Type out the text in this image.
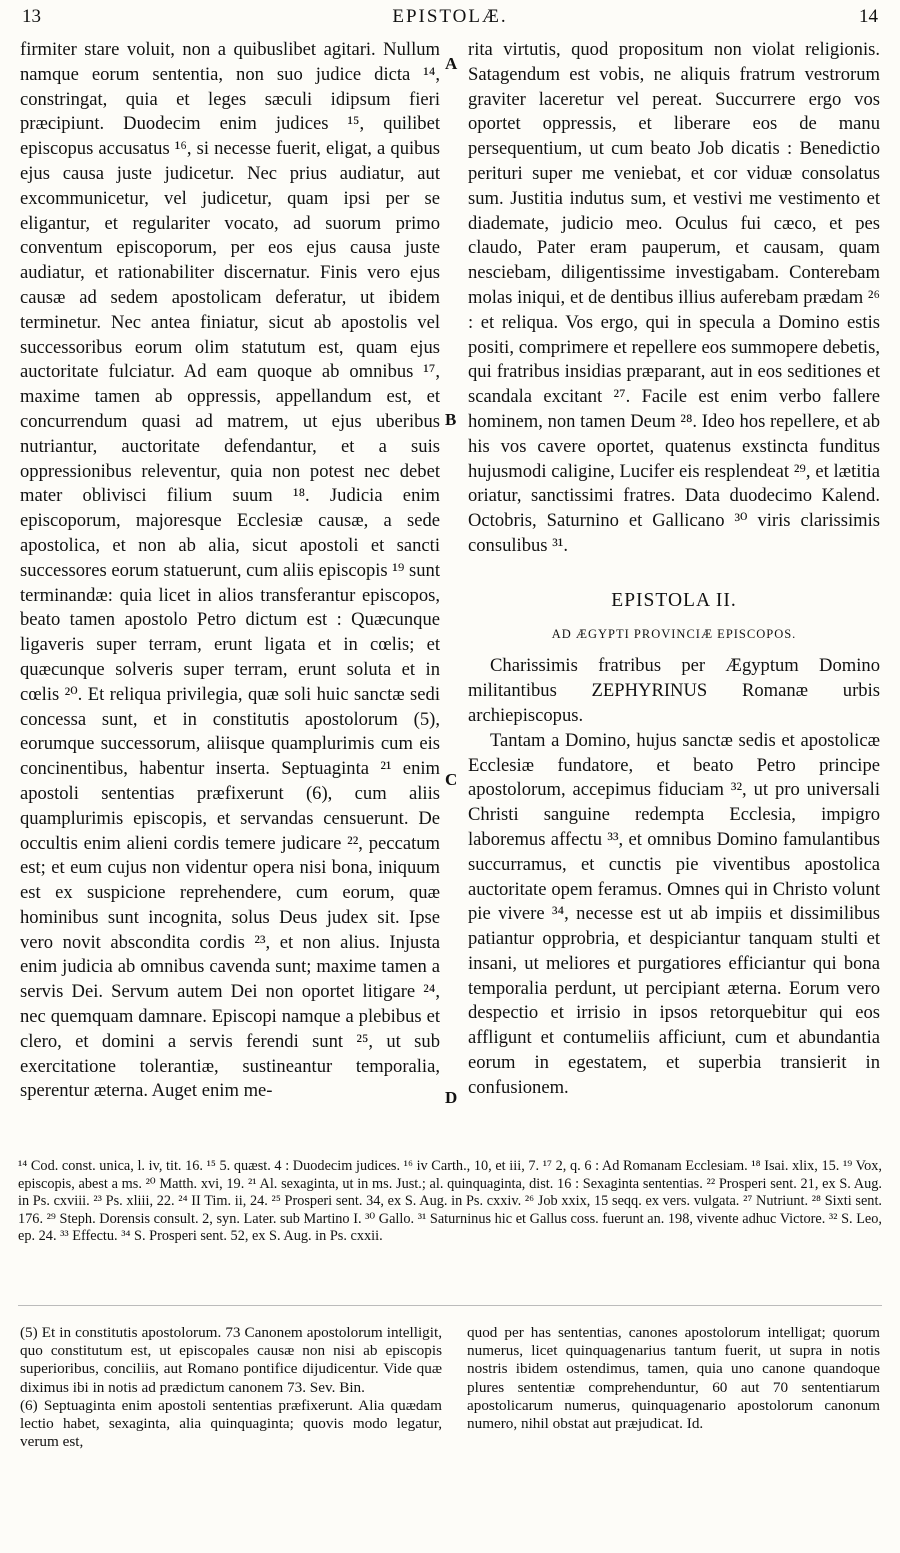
13	EPISTOLÆ.	14

firmiter stare voluit, non a quibuslibet agitari. Nullum namque eorum sententia, non suo judice dicta ¹⁴, constringat, quia et leges sæculi idipsum fieri præcipiunt. Duodecim enim judices ¹⁵, quilibet episcopus accusatus ¹⁶, si necesse fuerit, eligat, a quibus ejus causa juste judicetur. Nec prius audiatur, aut excommunicetur, vel judicetur, quam ipsi per se eligantur, et regulariter vocato, ad suorum primo conventum episcoporum, per eos ejus causa juste audiatur, et rationabiliter discernatur. Finis vero ejus causæ ad sedem apostolicam deferatur, ut ibidem terminetur. Nec antea finiatur, sicut ab apostolis vel successoribus eorum olim statutum est, quam ejus auctoritate fulciatur. Ad eam quoque ab omnibus ¹⁷, maxime tamen ab oppressis, appellandum est, et concurrendum quasi ad matrem, ut ejus uberibus nutriantur, auctoritate defendantur, et a suis oppressionibus releventur, quia non potest nec debet mater oblivisci filium suum ¹⁸. Judicia enim episcoporum, majoresque Ecclesiæ causæ, a sede apostolica, et non ab alia, sicut apostoli et sancti successores eorum statuerunt, cum aliis episcopis ¹⁹ sunt terminandæ: quia licet in alios transferantur episcopos, beato tamen apostolo Petro dictum est : Quæcunque ligaveris super terram, erunt ligata et in cœlis; et quæcunque solveris super terram, erunt soluta et in cœlis ²⁰. Et reliqua privilegia, quæ soli huic sanctæ sedi concessa sunt, et in constitutis apostolorum (5), eorumque successorum, aliisque quamplurimis cum eis concinentibus, habentur inserta. Septuaginta ²¹ enim apostoli sententias præfixerunt (6), cum aliis quamplurimis episcopis, et servandas censuerunt. De occultis enim alieni cordis temere judicare ²², peccatum est; et eum cujus non videntur opera nisi bona, iniquum est ex suspicione reprehendere, cum eorum, quæ hominibus sunt incognita, solus Deus judex sit. Ipse vero novit abscondita cordis ²³, et non alius. Injusta enim judicia ab omnibus cavenda sunt; maxime tamen a servis Dei. Servum autem Dei non oportet litigare ²⁴, nec quemquam damnare. Episcopi namque a plebibus et clero, et domini a servis ferendi sunt ²⁵, ut sub exercitatione tolerantiæ, sustineantur temporalia, sperentur æterna. Auget enim me-

A
B
C
D

rita virtutis, quod propositum non violat religionis. Satagendum est vobis, ne aliquis fratrum vestrorum graviter laceretur vel pereat. Succurrere ergo vos oportet oppressis, et liberare eos de manu persequentium, ut cum beato Job dicatis : Benedictio perituri super me veniebat, et cor viduæ consolatus sum. Justitia indutus sum, et vestivi me vestimento et diademate, judicio meo. Oculus fui cæco, et pes claudo, Pater eram pauperum, et causam, quam nesciebam, diligentissime investigabam. Conterebam molas iniqui, et de dentibus illius auferebam prædam ²⁶ : et reliqua. Vos ergo, qui in specula a Domino estis positi, comprimere et repellere eos summopere debetis, qui fratribus insidias præparant, aut in eos seditiones et scandala excitant ²⁷. Facile est enim verbo fallere hominem, non tamen Deum ²⁸. Ideo hos repellere, et ab his vos cavere oportet, quatenus exstincta funditus hujusmodi caligine, Lucifer eis resplendeat ²⁹, et lætitia oriatur, sanctissimi fratres. Data duodecimo Kalend. Octobris, Saturnino et Gallicano ³⁰ viris clarissimis consulibus ³¹.

EPISTOLA II.

AD ÆGYPTI PROVINCIÆ EPISCOPOS.

Charissimis fratribus per Ægyptum Domino militantibus ZEPHYRINUS Romanæ urbis archiepiscopus.

Tantam a Domino, hujus sanctæ sedis et apostolicæ Ecclesiæ fundatore, et beato Petro principe apostolorum, accepimus fiduciam ³², ut pro universali Christi sanguine redempta Ecclesia, impigro laboremus affectu ³³, et omnibus Domino famulantibus succurramus, et cunctis pie viventibus apostolica auctoritate opem feramus. Omnes qui in Christo volunt pie vivere ³⁴, necesse est ut ab impiis et dissimilibus patiantur opprobria, et despiciantur tanquam stulti et insani, ut meliores et purgatiores efficiantur qui bona temporalia perdunt, ut percipiant æterna. Eorum vero despectio et irrisio in ipsos retorquebitur qui eos affligunt et contumeliis afficiunt, cum et abundantia eorum in egestatem, et superbia transierit in confusionem.

¹⁴ Cod. const. unica, l. iv, tit. 16. ¹⁵ 5. quæst. 4 : Duodecim judices. ¹⁶ iv Carth., 10, et iii, 7. ¹⁷ 2, q. 6 : Ad Romanam Ecclesiam. ¹⁸ Isai. xlix, 15. ¹⁹ Vox, episcopis, abest a ms. ²⁰ Matth. xvi, 19. ²¹ Al. sexaginta, ut in ms. Just.; al. quinquaginta, dist. 16 : Sexaginta sententias. ²² Prosperi sent. 21, ex S. Aug. in Ps. cxviii. ²³ Ps. xliii, 22. ²⁴ II Tim. ii, 24. ²⁵ Prosperi sent. 34, ex S. Aug. in Ps. cxxiv. ²⁶ Job xxix, 15 seqq. ex vers. vulgata. ²⁷ Nutriunt. ²⁸ Sixti sent. 176. ²⁹ Steph. Dorensis consult. 2, syn. Later. sub Martino I. ³⁰ Gallo. ³¹ Saturninus hic et Gallus coss. fuerunt an. 198, vivente adhuc Victore. ³² S. Leo, ep. 24. ³³ Effectu. ³⁴ S. Prosperi sent. 52, ex S. Aug. in Ps. cxxii.

(5) Et in constitutis apostolorum. 73 Canonem apostolorum intelligit, quo constitutum est, ut episcopales causæ non nisi ab episcopis superioribus, conciliis, aut Romano pontifice dijudicentur. Vide quæ diximus ibi in notis ad prædictum canonem 73. Sev. Bin.

(6) Septuaginta enim apostoli sententias præfixerunt. Alia quædam lectio habet, sexaginta, alia quinquaginta; quovis modo legatur, verum est,

quod per has sententias, canones apostolorum intelligat; quorum numerus, licet quinquagenarius tantum fuerit, ut supra in notis nostris ibidem ostendimus, tamen, quia uno canone quandoque plures sententiæ comprehenduntur, 60 aut 70 sententiarum apostolicarum numerus, quinquagenario apostolorum canonum numero, nihil obstat aut præjudicat. Id.
